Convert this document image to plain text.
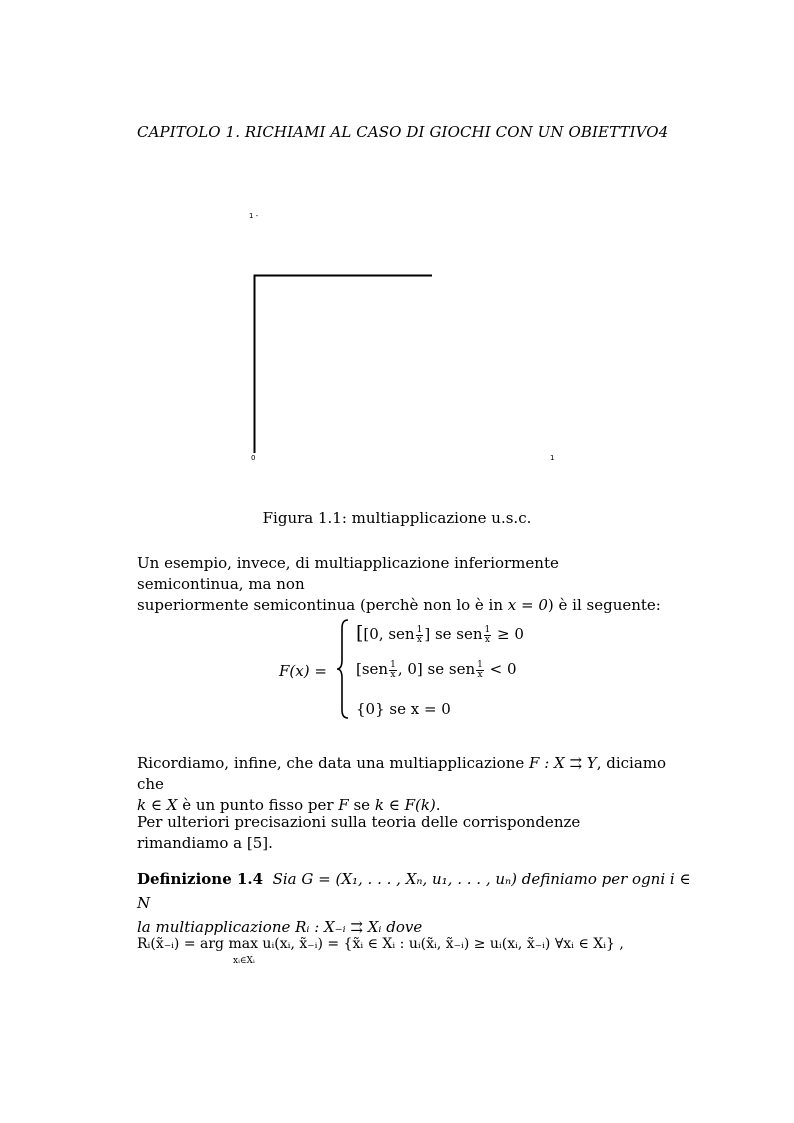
CAPITOLO 1. RICHIAMI AL CASO DI GIOCHI CON UN OBIETTIVO4
1 -
0	1
Figura 1.1: multiapplicazione u.s.c.
Un esempio, invece, di multiapplicazione inferiormente semicontinua, ma non
superiormente semicontinua (perchè non lo è in x = 0) è il seguente:
F(x) =
[[0, sen $\frac{1}{x}$ ] se sen $\frac{1}{x} \ge 0$
[$sen \frac{1}{x}$ , 0] se sen $\frac{1}{x} < 0$
{0} se x = 0
Ricordiamo, infine, che data una multiapplicazione F : X ⇉ Y, diciamo che
k ∈ X è un punto fisso per F se k ∈ F(k).
Per ulteriori precisazioni sulla teoria delle corrispondenze rimandiamo a [5].
Definizione 1.4 Sia G = (X₁, . . . , Xₙ, u₁, . . . , uₙ) definiamo per ogni i ∈ N
la multiapplicazione Rᵢ : X₋ᵢ ⇉ Xᵢ dove
Rᵢ(x̃₋ᵢ) = arg max uᵢ(xᵢ, x̃₋ᵢ) = {x̃ᵢ ∈ Xᵢ : uᵢ(x̃ᵢ, x̃₋ᵢ) ≥ uᵢ(xᵢ, x̃₋ᵢ) ∀xᵢ ∈ Xᵢ} ,
xᵢ∈Xᵢ
